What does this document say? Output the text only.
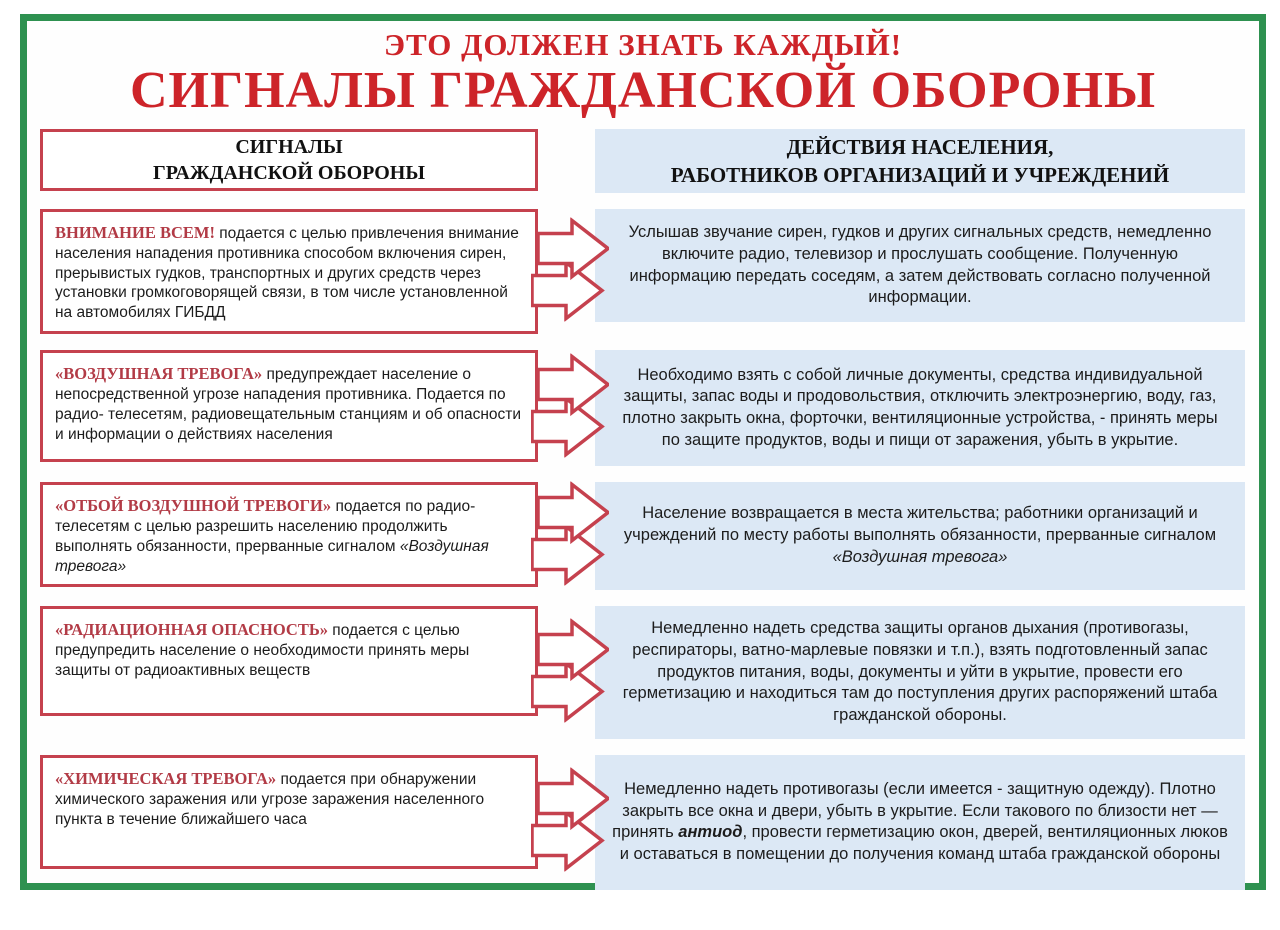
ЭТО ДОЛЖЕН ЗНАТЬ КАЖДЫЙ!
СИГНАЛЫ ГРАЖДАНСКОЙ ОБОРОНЫ
СИГНАЛЫ
ГРАЖДАНСКОЙ ОБОРОНЫ
ДЕЙСТВИЯ НАСЕЛЕНИЯ,
РАБОТНИКОВ ОРГАНИЗАЦИЙ И УЧРЕЖДЕНИЙ
ВНИМАНИЕ ВСЕМ! подается с целью привлечения внимание населения нападения противника способом включения сирен, прерывистых гудков, транспортных и других средств через установки громкоговорящей связи, в том числе установленной на автомобилях ГИБДД
Услышав звучание сирен, гудков и других сигнальных средств, немедленно включите радио, телевизор и прослушать сообщение. Полученную информацию передать соседям, а затем действовать согласно полученной информации.
«ВОЗДУШНАЯ ТРЕВОГА» предупреждает население о непосредственной угрозе нападения противника. Подается по радио- телесетям, радиовещательным станциям и об опасности и информации о действиях населения
Необходимо взять с собой личные документы, средства индивидуальной защиты, запас воды и продовольствия, отключить электроэнергию, воду, газ, плотно закрыть окна, форточки, вентиляционные устройства, - принять меры по защите продуктов, воды и пищи от заражения, убыть в укрытие.
«ОТБОЙ ВОЗДУШНОЙ ТРЕВОГИ» подается по радио- телесетям с целью разрешить населению продолжить выполнять обязанности, прерванные сигналом «Воздушная тревога»
Население возвращается в места жительства; работники организаций и учреждений по месту работы выполнять обязанности, прерванные сигналом «Воздушная тревога»
«РАДИАЦИОННАЯ ОПАСНОСТЬ» подается с целью предупредить население о необходимости принять меры защиты от радиоактивных веществ
Немедленно надеть средства защиты органов дыхания (противогазы, респираторы, ватно-марлевые повязки и т.п.), взять подготовленный запас продуктов питания, воды, документы и уйти в укрытие, провести его герметизацию и находиться там до поступления других распоряжений штаба гражданской обороны.
«ХИМИЧЕСКАЯ ТРЕВОГА» подается при обнаружении химического заражения или угрозе заражения населенного пункта в течение ближайшего часа
Немедленно надеть противогазы (если имеется - защитную одежду). Плотно закрыть все окна и двери, убыть в укрытие. Если такового по близости нет — принять антиод, провести герметизацию окон, дверей, вентиляционных люков и оставаться в помещении до получения команд штаба гражданской обороны
